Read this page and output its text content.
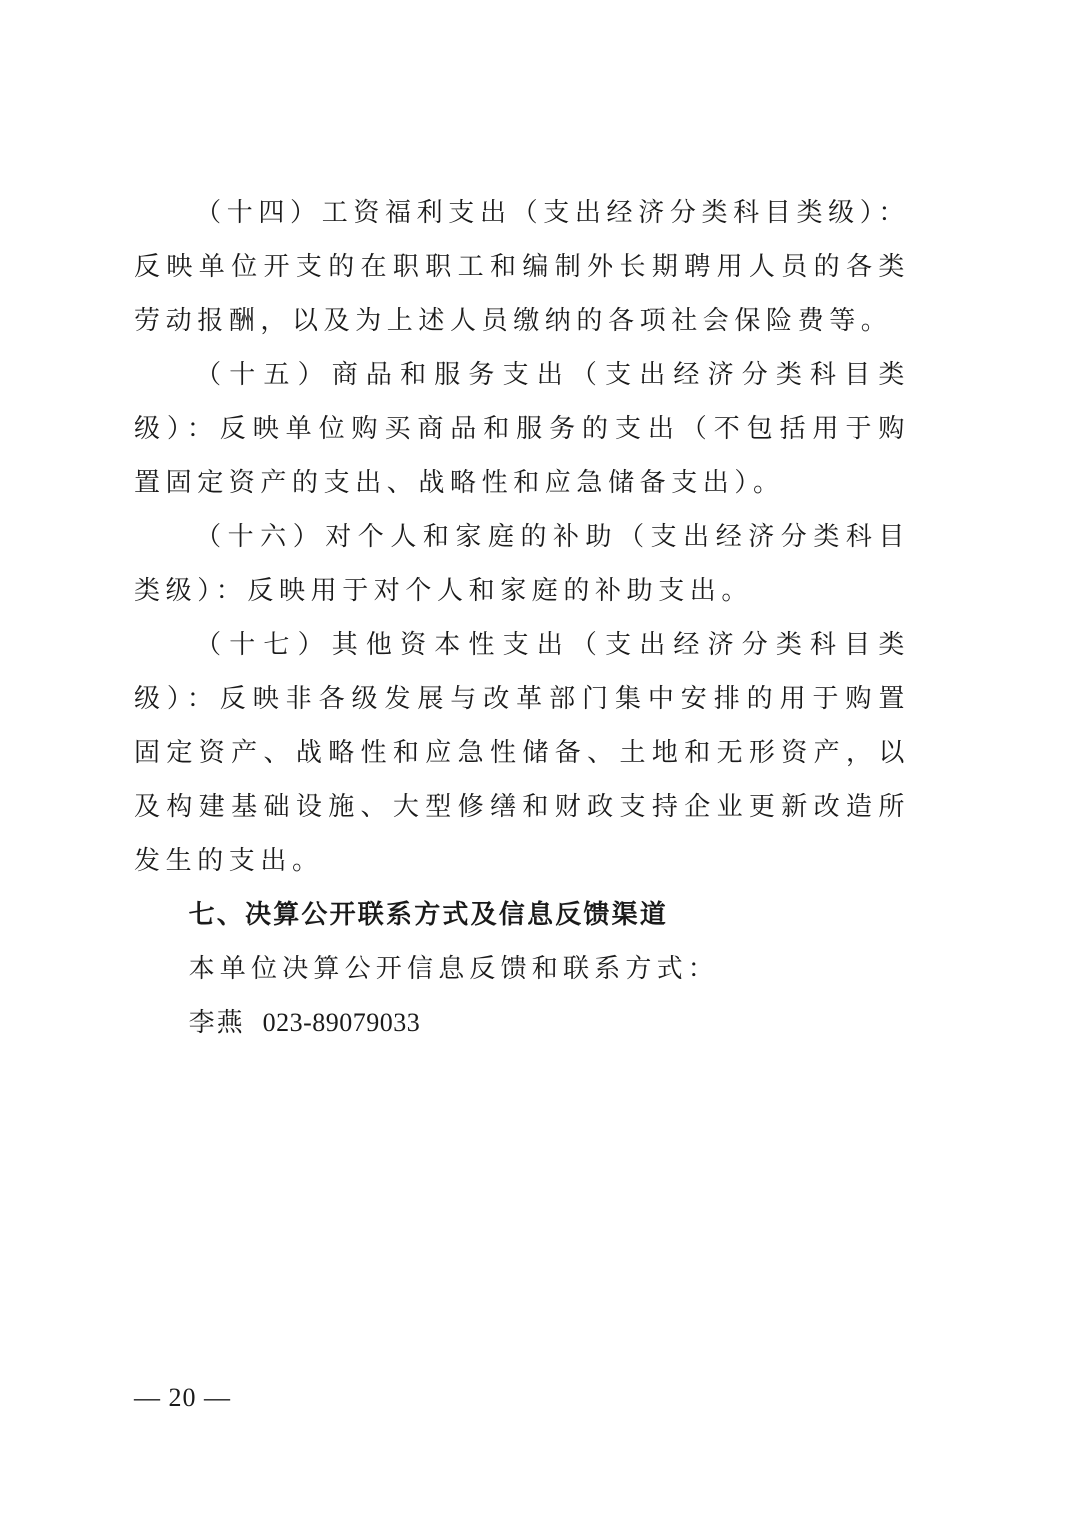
（十四）工资福利支出（支出经济分类科目类级）：反映单位开支的在职职工和编制外长期聘用人员的各类劳动报酬，以及为上述人员缴纳的各项社会保险费等。

（十五）商品和服务支出（支出经济分类科目类级）：反映单位购买商品和服务的支出（不包括用于购置固定资产的支出、战略性和应急储备支出）。

（十六）对个人和家庭的补助（支出经济分类科目类级）：反映用于对个人和家庭的补助支出。

（十七）其他资本性支出（支出经济分类科目类级）：反映非各级发展与改革部门集中安排的用于购置固定资产、战略性和应急性储备、土地和无形资产，以及构建基础设施、大型修缮和财政支持企业更新改造所发生的支出。

七、决算公开联系方式及信息反馈渠道

本单位决算公开信息反馈和联系方式：

李燕 023-89079033

— 20 —
